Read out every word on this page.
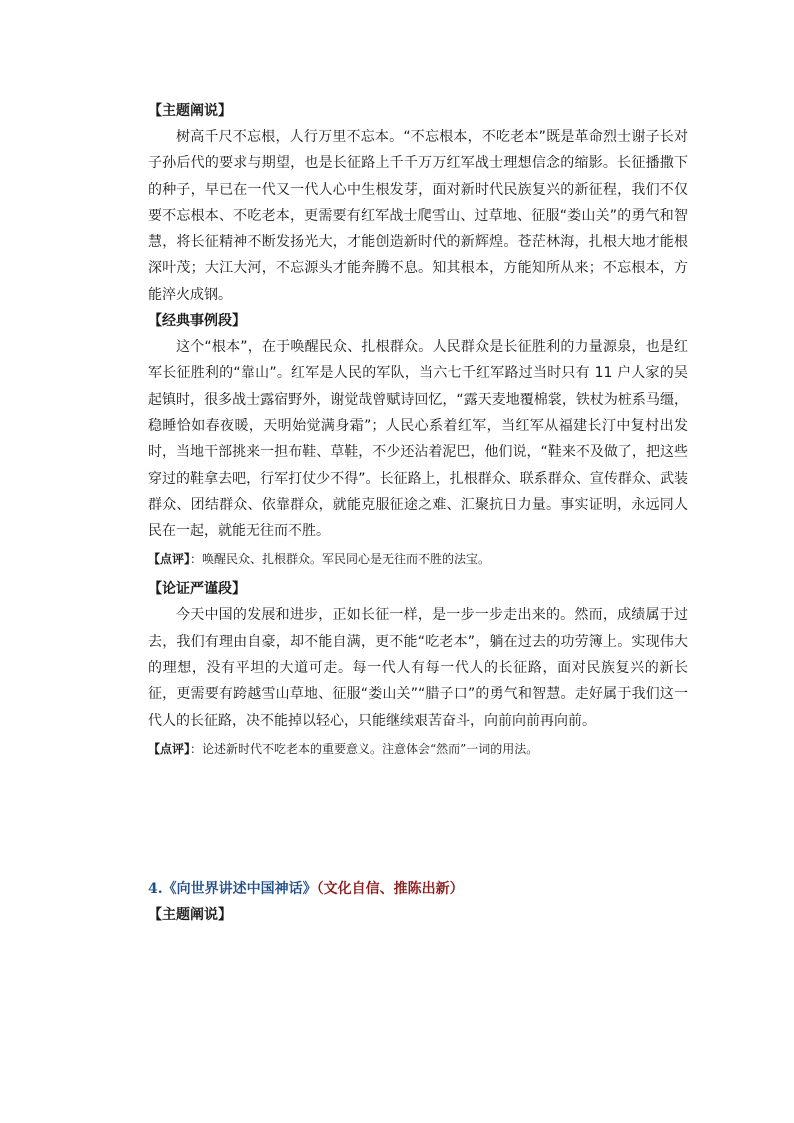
【主题阐说】

树高千尺不忘根，人行万里不忘本。“不忘根本，不吃老本”既是革命烈士谢子长对子孙后代的要求与期望，也是长征路上千千万万红军战士理想信念的缩影。长征播撒下的种子，早已在一代又一代人心中生根发芽，面对新时代民族复兴的新征程，我们不仅要不忘根本、不吃老本，更需要有红军战士爬雪山、过草地、征服“娄山关”的勇气和智慧，将长征精神不断发扬光大，才能创造新时代的新辉煌。苍茫林海，扎根大地才能根深叶茂；大江大河，不忘源头才能奔腾不息。知其根本，方能知所从来；不忘根本，方能淬火成钢。

【经典事例段】

这个“根本”，在于唤醒民众、扎根群众。人民群众是长征胜利的力量源泉，也是红军长征胜利的“靠山”。红军是人民的军队，当六七千红军路过当时只有 11 户人家的吴起镇时，很多战士露宿野外，谢觉哉曾赋诗回忆，“露天麦地覆棉裳，铁杖为桩系马缰，稳睡恰如春夜暖，天明始觉满身霜”；人民心系着红军，当红军从福建长汀中复村出发时，当地干部挑来一担布鞋、草鞋，不少还沾着泥巴，他们说，“鞋来不及做了，把这些穿过的鞋拿去吧，行军打仗少不得”。长征路上，扎根群众、联系群众、宣传群众、武装群众、团结群众、依靠群众，就能克服征途之难、汇聚抗日力量。事实证明，永远同人民在一起，就能无往而不胜。

【点评】：唤醒民众、扎根群众。军民同心是无往而不胜的法宝。

【论证严谨段】

今天中国的发展和进步，正如长征一样，是一步一步走出来的。然而，成绩属于过去，我们有理由自豪，却不能自满，更不能“吃老本”，躺在过去的功劳簿上。实现伟大的理想，没有平坦的大道可走。每一代人有每一代人的长征路，面对民族复兴的新长征，更需要有跨越雪山草地、征服“娄山关”“腊子口”的勇气和智慧。走好属于我们这一代人的长征路，决不能掉以轻心，只能继续艰苦奋斗，向前向前再向前。

【点评】：论述新时代不吃老本的重要意义。注意体会“然而”一词的用法。

4.《向世界讲述中国神话》（文化自信、推陈出新）

【主题阐说】
